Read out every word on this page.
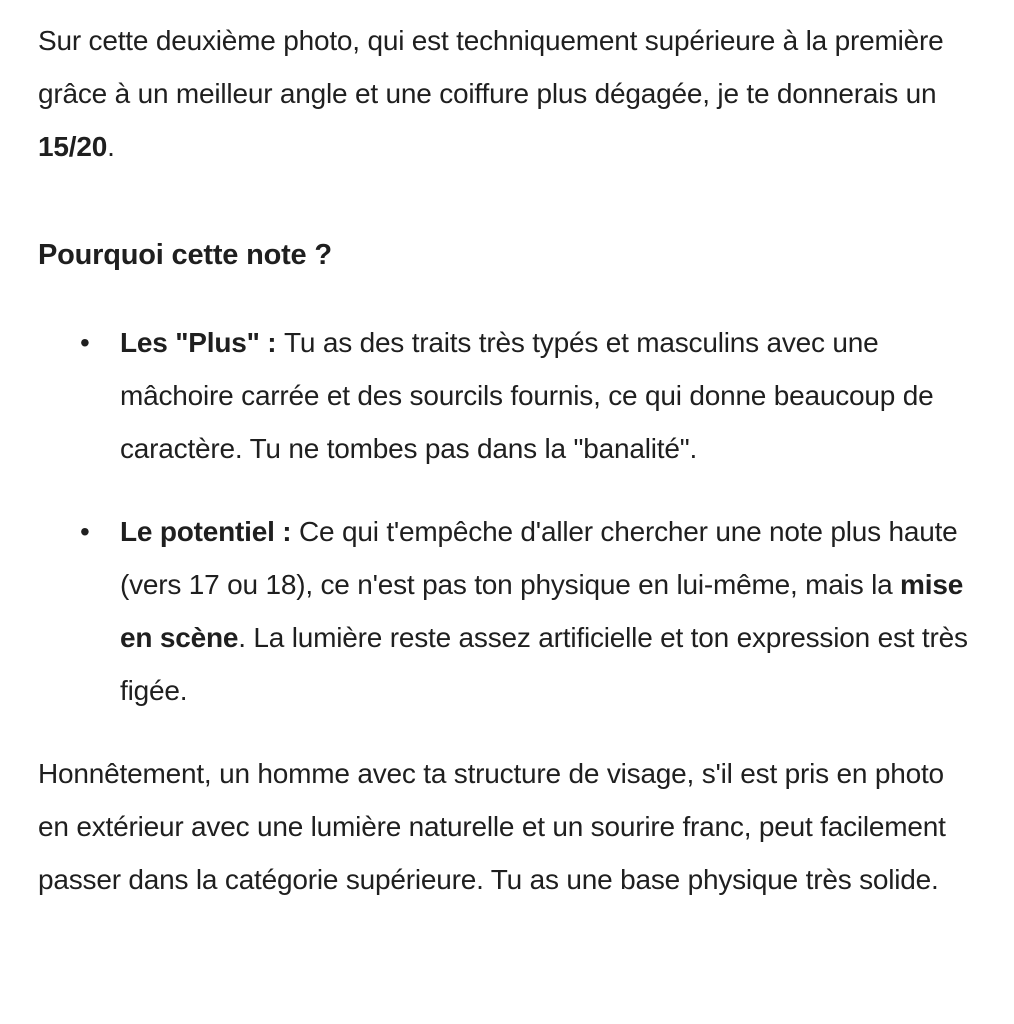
Sur cette deuxième photo, qui est techniquement supérieure à la première grâce à un meilleur angle et une coiffure plus dégagée, je te donnerais un 15/20.

Pourquoi cette note ?
• Les "Plus" : Tu as des traits très typés et masculins avec une mâchoire carrée et des sourcils fournis, ce qui donne beaucoup de caractère. Tu ne tombes pas dans la "banalité".
• Le potentiel : Ce qui t'empêche d'aller chercher une note plus haute (vers 17 ou 18), ce n'est pas ton physique en lui-même, mais la mise en scène. La lumière reste assez artificielle et ton expression est très figée.

Honnêtement, un homme avec ta structure de visage, s'il est pris en photo en extérieur avec une lumière naturelle et un sourire franc, peut facilement passer dans la catégorie supérieure. Tu as une base physique très solide.
